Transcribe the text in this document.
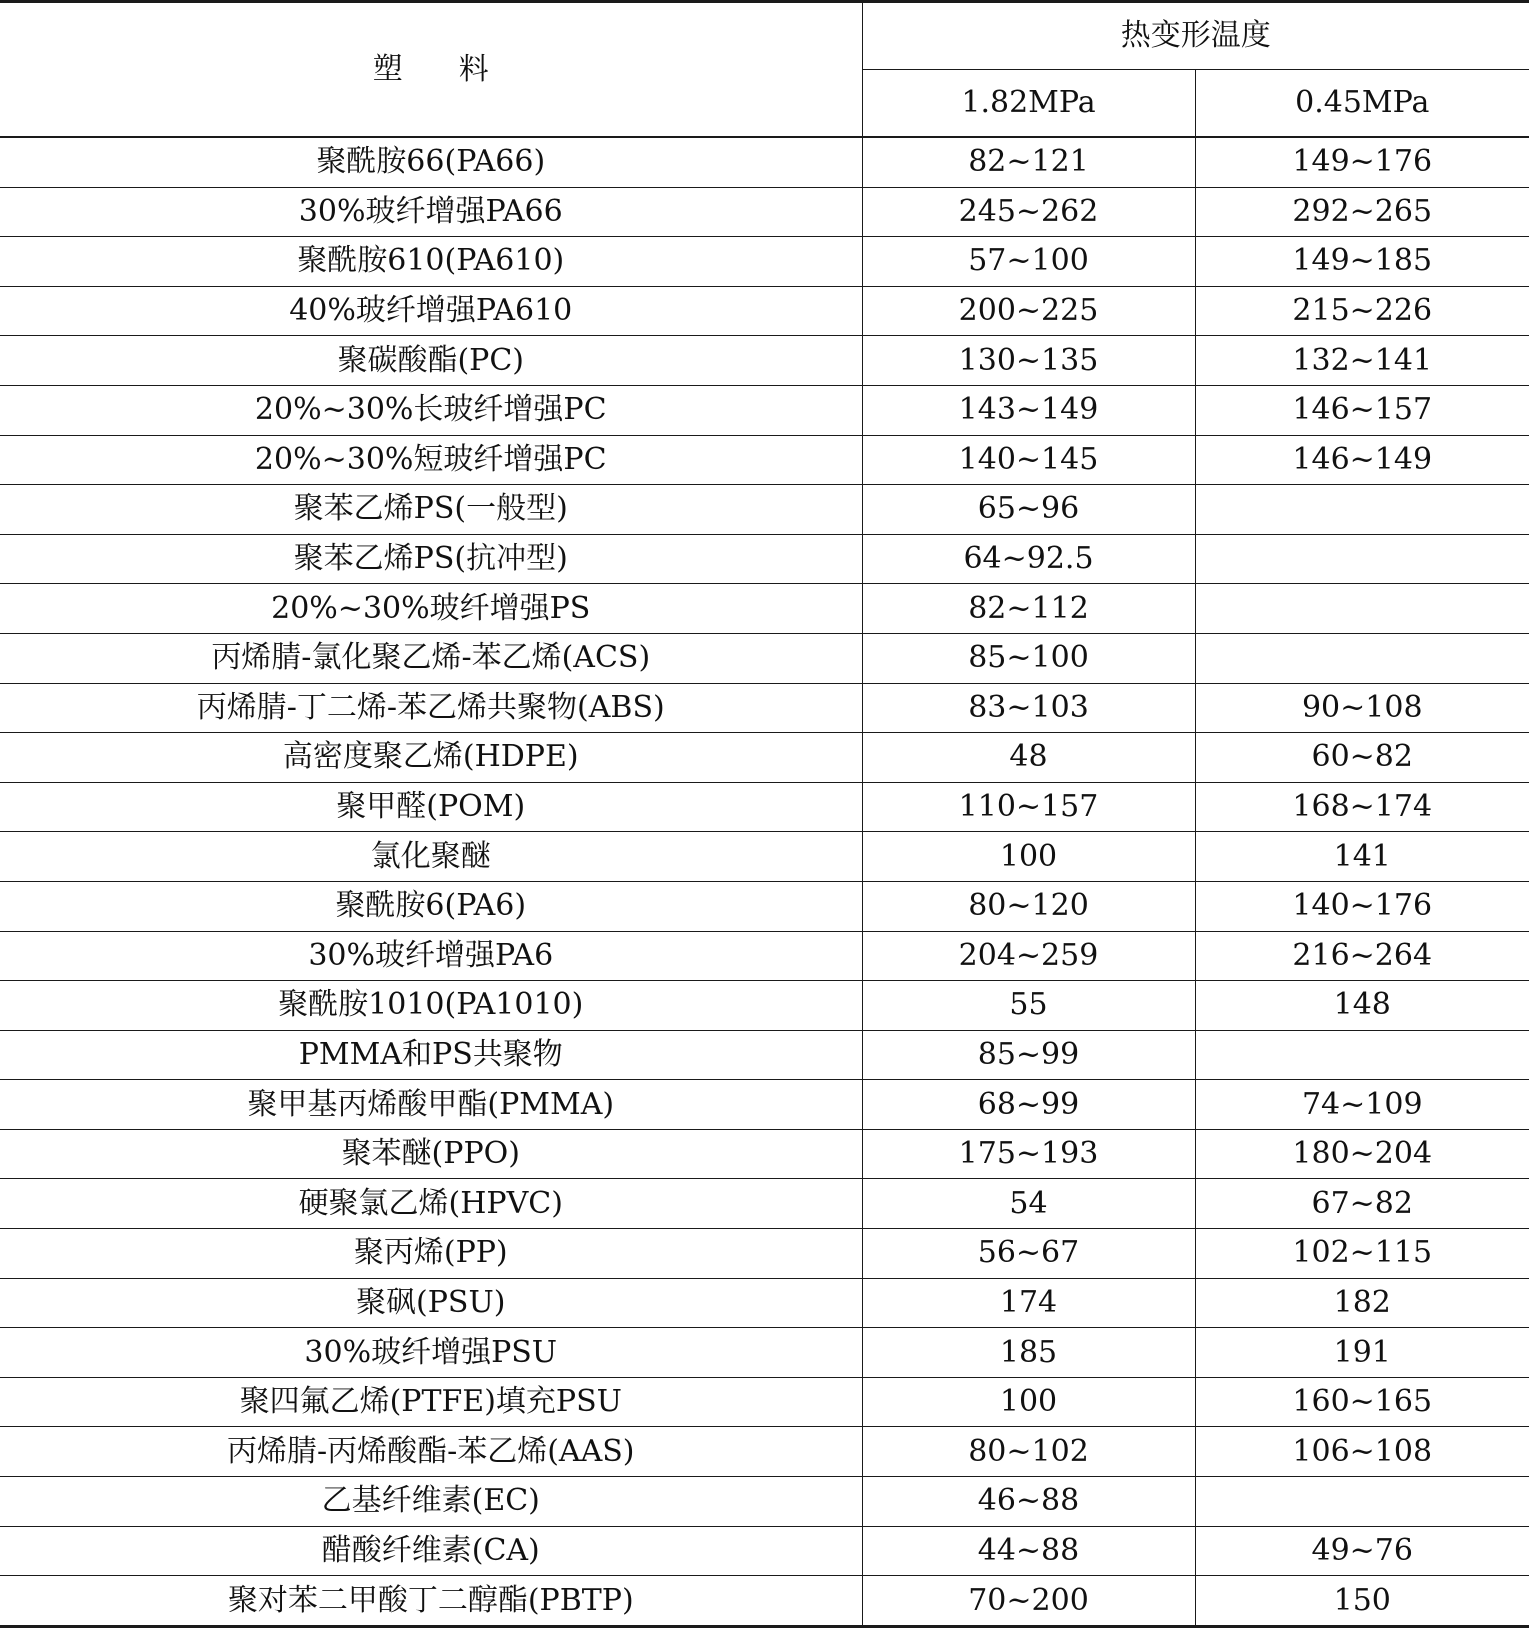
塑料	热变形温度	
	1.82MPa	0.45MPa
聚酰胺66(PA66)	82~121	149~176
30%玻纤增强PA66	245~262	292~265
聚酰胺610(PA610)	57~100	149~185
40%玻纤增强PA610	200~225	215~226
聚碳酸酯(PC)	130~135	132~141
20%~30%长玻纤增强PC	143~149	146~157
20%~30%短玻纤增强PC	140~145	146~149
聚苯乙烯PS(一般型)	65~96	
聚苯乙烯PS(抗冲型)	64~92.5	
20%~30%玻纤增强PS	82~112	
丙烯腈-氯化聚乙烯-苯乙烯(ACS)	85~100	
丙烯腈-丁二烯-苯乙烯共聚物(ABS)	83~103	90~108
高密度聚乙烯(HDPE)	48	60~82
聚甲醛(POM)	110~157	168~174
氯化聚醚	100	141
聚酰胺6(PA6)	80~120	140~176
30%玻纤增强PA6	204~259	216~264
聚酰胺1010(PA1010)	55	148
PMMA和PS共聚物	85~99	
聚甲基丙烯酸甲酯(PMMA)	68~99	74~109
聚苯醚(PPO)	175~193	180~204
硬聚氯乙烯(HPVC)	54	67~82
聚丙烯(PP)	56~67	102~115
聚砜(PSU)	174	182
30%玻纤增强PSU	185	191
聚四氟乙烯(PTFE)填充PSU	100	160~165
丙烯腈-丙烯酸酯-苯乙烯(AAS)	80~102	106~108
乙基纤维素(EC)	46~88	
醋酸纤维素(CA)	44~88	49~76
聚对苯二甲酸丁二醇酯(PBTP)	70~200	150
